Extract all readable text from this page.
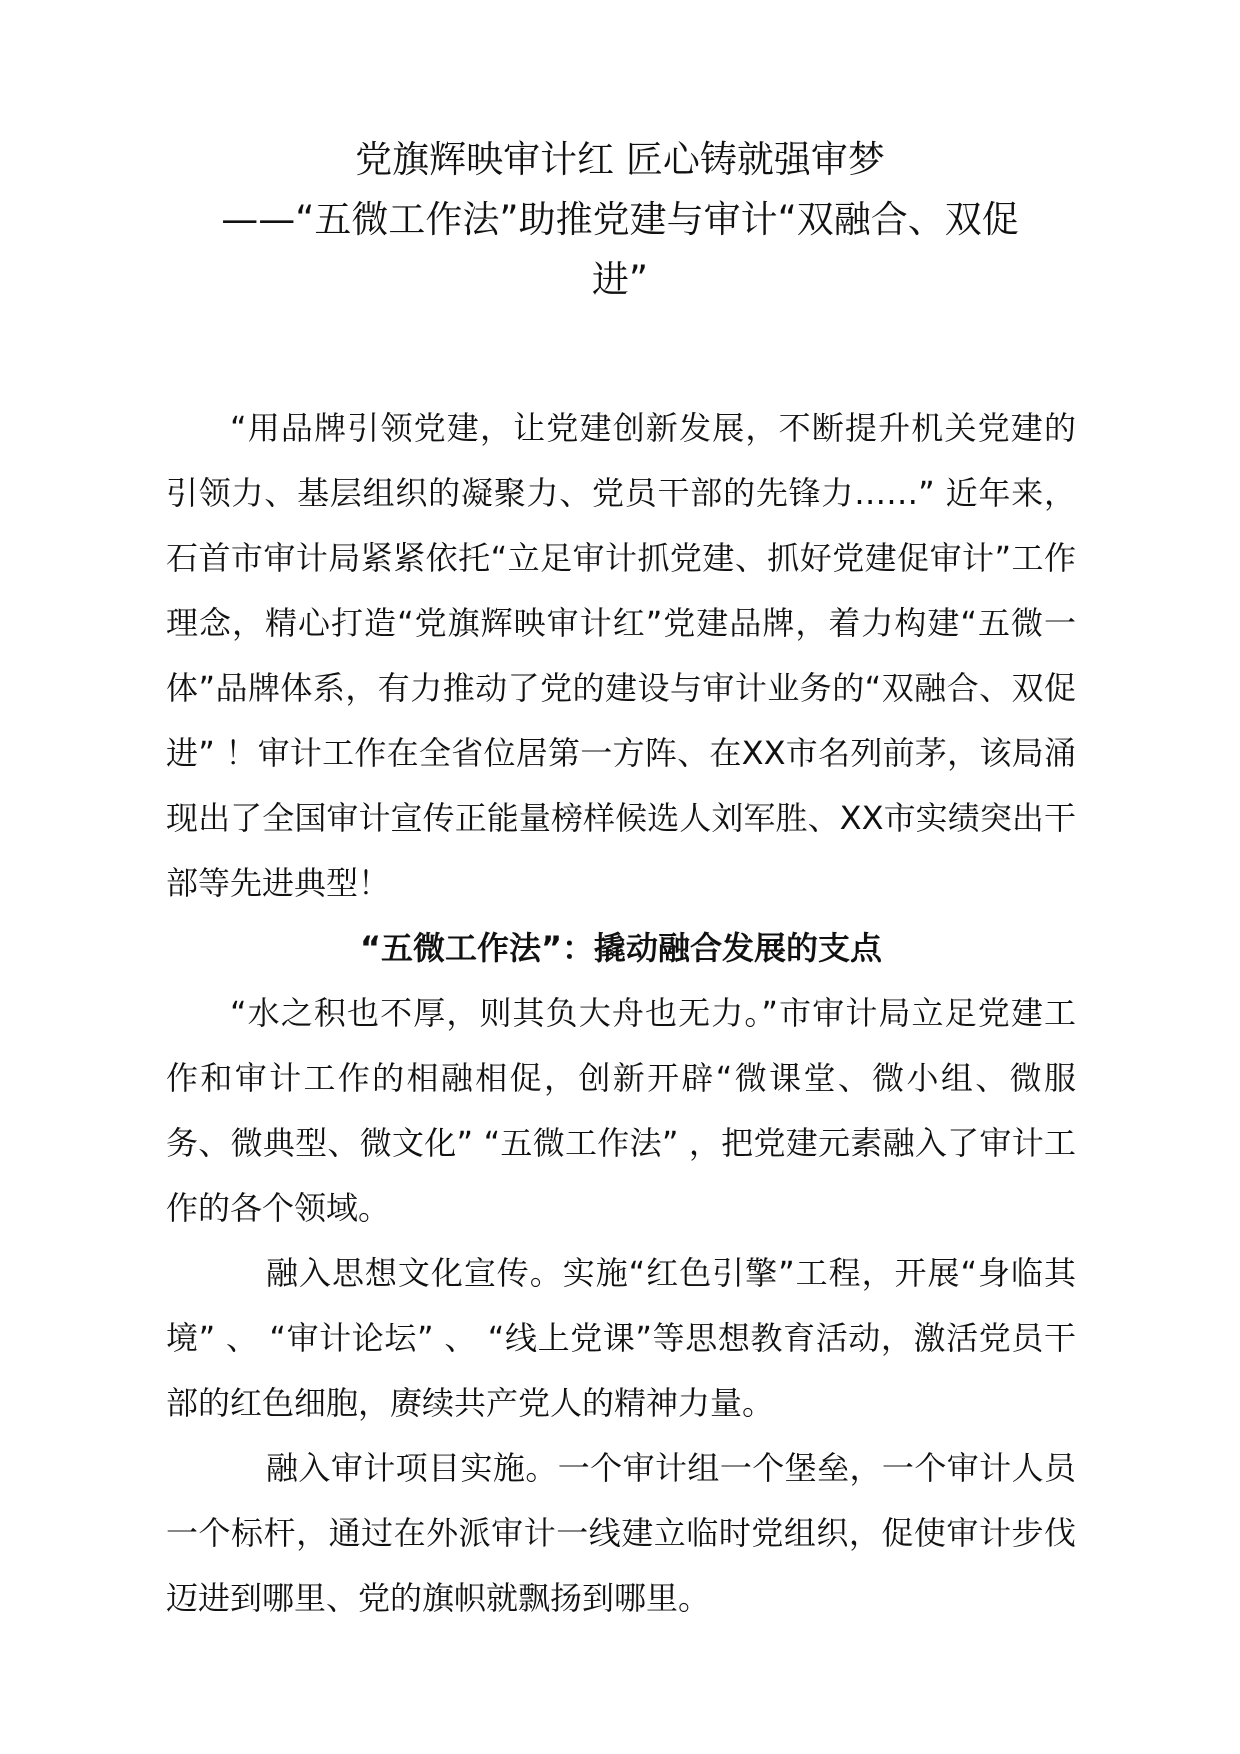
党旗辉映审计红 匠心铸就强审梦
——“五微工作法”助推党建与审计“双融合、双促
进”

“用品牌引领党建，让党建创新发展，不断提升机关党建的引领力、基层组织的凝聚力、党员干部的先锋力……” 近年来，石首市审计局紧紧依托“立足审计抓党建、抓好党建促审计”工作理念，精心打造“党旗辉映审计红”党建品牌，着力构建“五微一体”品牌体系，有力推动了党的建设与审计业务的“双融合、双促进” ！审计工作在全省位居第一方阵、在XX市名列前茅，该局涌现出了全国审计宣传正能量榜样候选人刘军胜、XX市实绩突出干部等先进典型！

“五微工作法”：撬动融合发展的支点

“水之积也不厚，则其负大舟也无力。”市审计局立足党建工作和审计工作的相融相促，创新开辟“微课堂、微小组、微服务、微典型、微文化” “五微工作法” ，把党建元素融入了审计工作的各个领域。

融入思想文化宣传。实施“红色引擎”工程，开展“身临其境” 、 “审计论坛” 、 “线上党课”等思想教育活动，激活党员干部的红色细胞，赓续共产党人的精神力量。

融入审计项目实施。一个审计组一个堡垒，一个审计人员一个标杆，通过在外派审计一线建立临时党组织，促使审计步伐迈进到哪里、党的旗帜就飘扬到哪里。
